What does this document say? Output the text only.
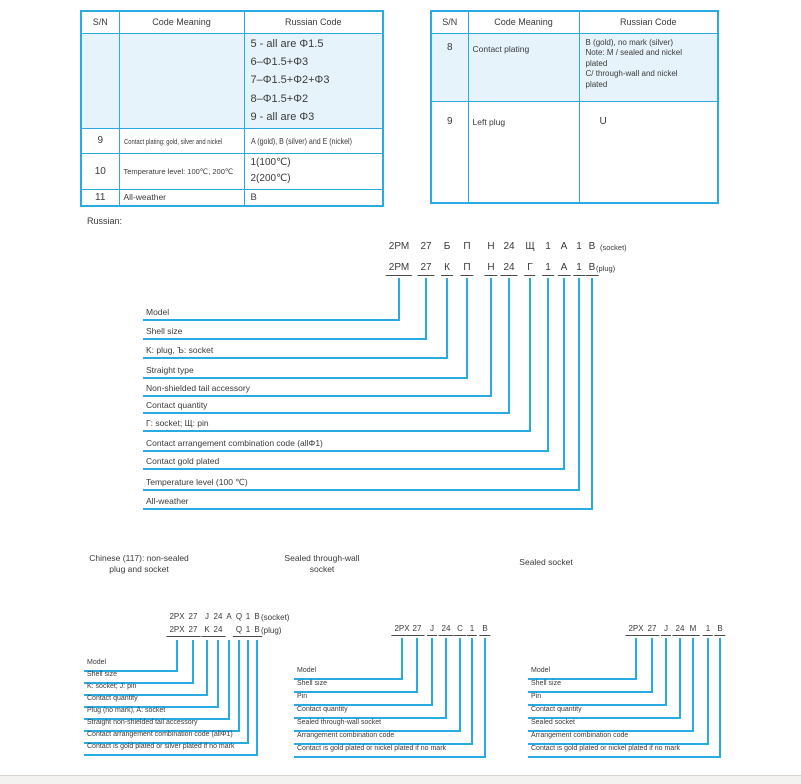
S/N	Code Meaning	Russian Code

		5 - all are Φ1.5
6–Φ1.5+Φ3
7–Φ1.5+Φ2+Φ3
8–Φ1.5+Φ2
9 - all are Φ3

9	Contact plating: gold, silver and nickel	A (gold), B (silver) and E (nickel)
10	Temperature level: 100℃, 200℃	1(100℃)
2(200℃)

11	All-weather	B
S/N	Code Meaning	Russian Code
8	Contact plating	B (gold), no mark (silver)
Note: M / sealed and nickel
plated
C/ through-wall and nickel
plated

9	Left plug	U
Russian:
Chinese (117): non-sealed
plug and socket
Sealed through-wall
socket
Sealed socket
2РМ 27 Б П Н 24 Щ 1 А 1 В (socket)
2РМ	27	К	П	Н 24	Г	1 А 1 В (plug)
Model
Shell size
K: plug, Ъ: socket
Straight type
Non-shielded tail accessory
Contact quantity
Г: socket; Щ: pin
Contact arrangement combination code (allΦ1)
Contact gold plated
Temperature level (100 ℃)
All-weather
2PX 27 J 24 A Q 1 B (socket)
2PX 27 K 24	Q 1 B (plug)
Model
Shell size
K: socket; J: pin
Contact quantity
Plug (no mark), A: socket
Straight non-shielded tail accessory
Contact arrangement combination code (allΦ1)
Contact is gold plated or silver plated if no mark
2PX 27	J 24 C 1	B
Model
Shell size
Pin
Contact quantity
Sealed through-wall socket
Arrangement combination code
Contact is gold plated or nickel plated if no mark
2PX 27 J 24 M	1 B
Model
Shell size
Pin
Contact quantity
Sealed socket
Arrangement combination code
Contact is gold plated or nickel plated if no mark
